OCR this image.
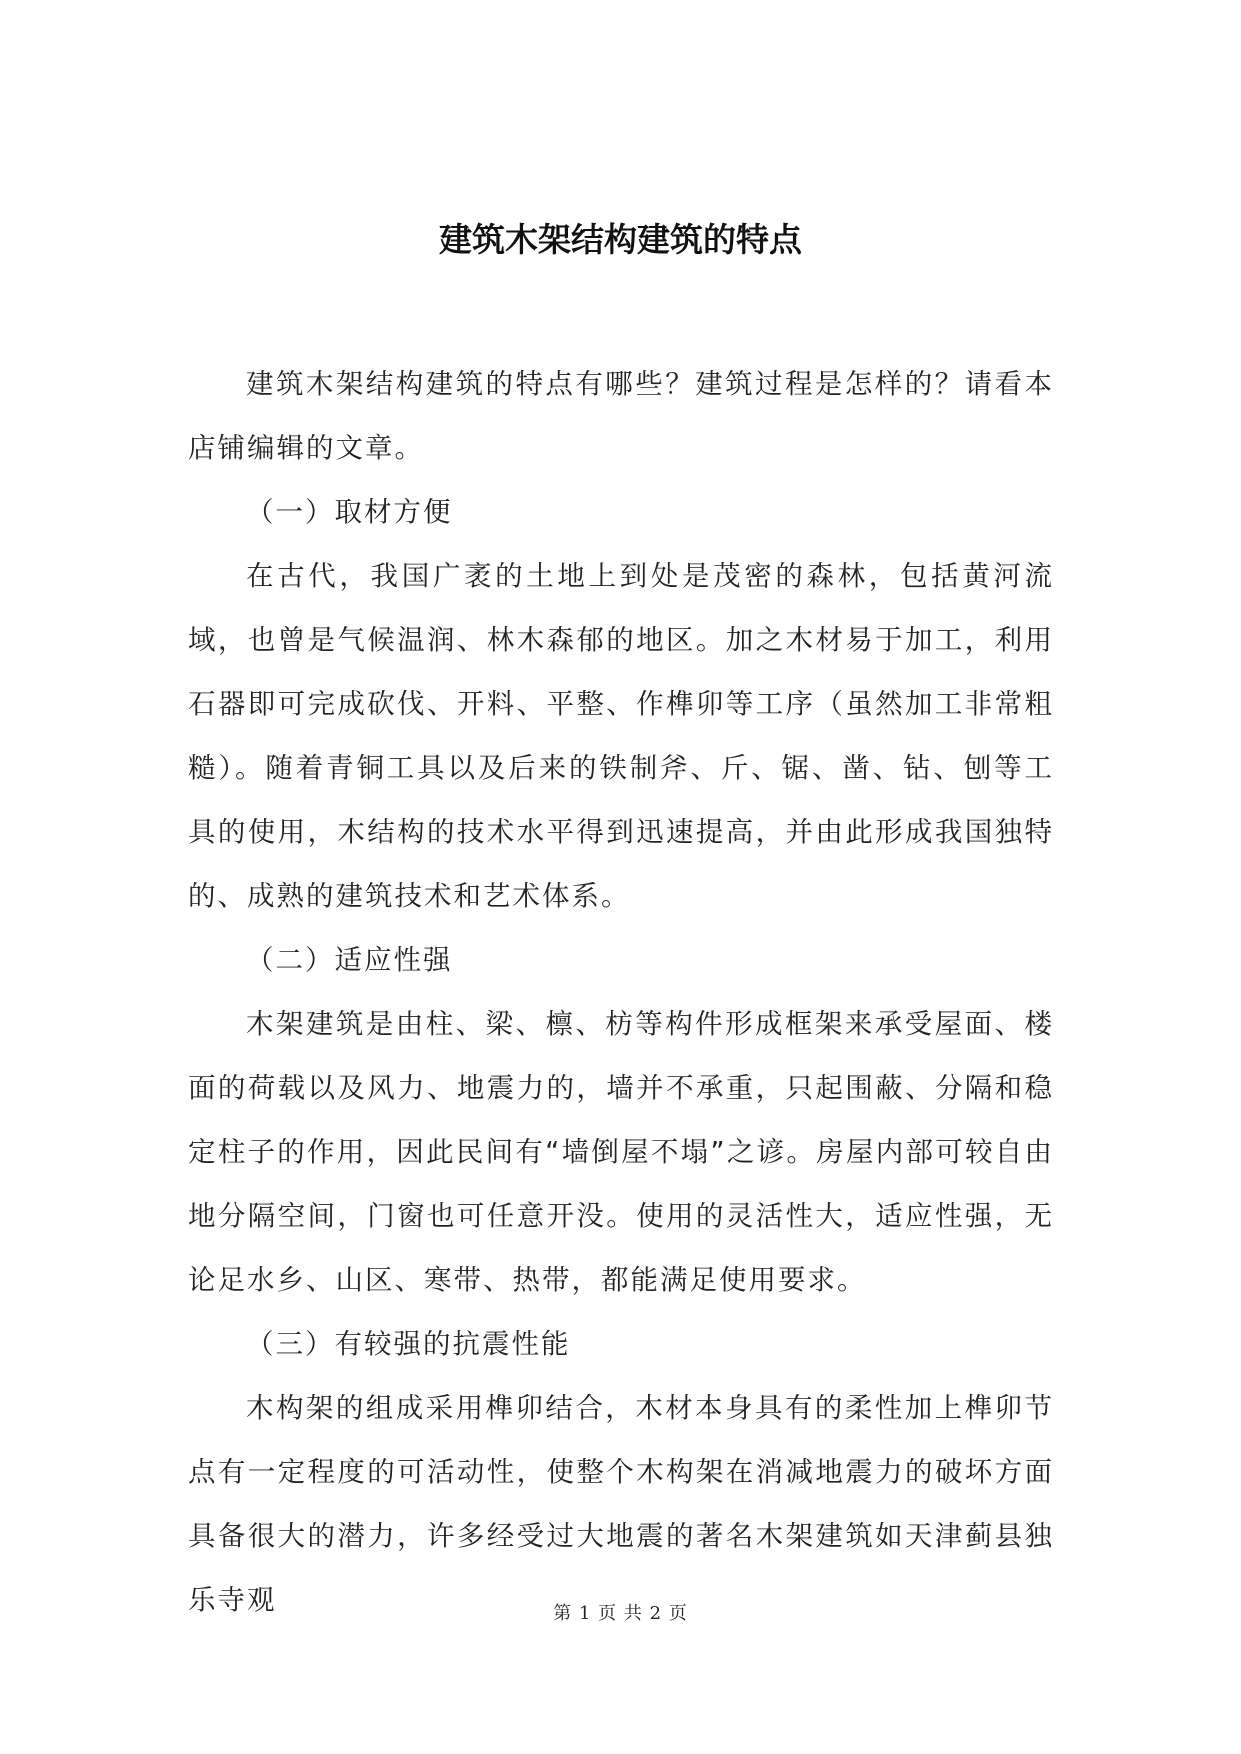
建筑木架结构建筑的特点

建筑木架结构建筑的特点有哪些？建筑过程是怎样的？请看本店铺编辑的文章。

（一）取材方便

在古代，我国广袤的土地上到处是茂密的森林，包括黄河流域，也曾是气候温润、林木森郁的地区。加之木材易于加工，利用石器即可完成砍伐、开料、平整、作榫卯等工序（虽然加工非常粗糙）。随着青铜工具以及后来的铁制斧、斤、锯、凿、钻、刨等工具的使用，木结构的技术水平得到迅速提高，并由此形成我国独特的、成熟的建筑技术和艺术体系。

（二）适应性强

木架建筑是由柱、梁、檩、枋等构件形成框架来承受屋面、楼面的荷载以及风力、地震力的，墙并不承重，只起围蔽、分隔和稳定柱子的作用，因此民间有“墙倒屋不塌”之谚。房屋内部可较自由地分隔空间，门窗也可任意开没。使用的灵活性大，适应性强，无论足水乡、山区、寒带、热带，都能满足使用要求。

（三）有较强的抗震性能

木构架的组成采用榫卯结合，木材本身具有的柔性加上榫卯节点有一定程度的可活动性，使整个木构架在消减地震力的破坏方面具备很大的潜力，许多经受过大地震的著名木架建筑如天津蓟县独乐寺观	第 1 页 共 2 页
